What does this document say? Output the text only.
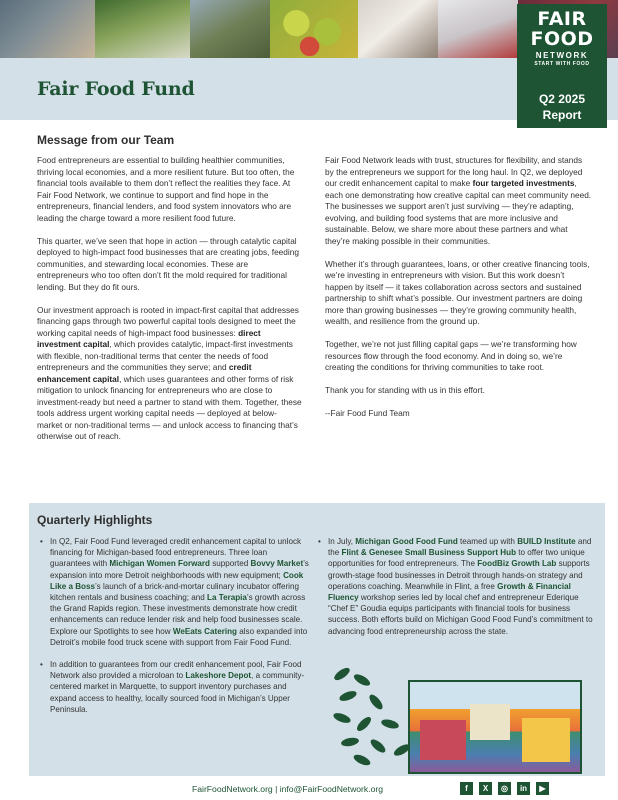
Fair Food Fund
FAIR
FOOD
NETWORK
START WITH FOOD
Q2 2025
Report
Message from our Team

Food entrepreneurs are essential to building healthier communities, thriving local economies, and a more resilient future. But too often, the financial tools available to them don’t reflect the realities they face. At Fair Food Network, we continue to support and find hope in the entrepreneurs, financial lenders, and food system innovators who are leading the charge toward a more resilient food future.

This quarter, we’ve seen that hope in action — through catalytic capital deployed to high-impact food businesses that are creating jobs, feeding communities, and stewarding local economies. These are entrepreneurs who too often don’t fit the mold required for traditional lending. But they do fit ours.

Our investment approach is rooted in impact-first capital that addresses financing gaps through two powerful capital tools designed to meet the working capital needs of high-impact food businesses: direct investment capital, which provides catalytic, impact-first investments with flexible, non-traditional terms that center the needs of food entrepreneurs and the communities they serve; and credit enhancement capital, which uses guarantees and other forms of risk mitigation to unlock financing for entrepreneurs who are close to investment-ready but need a partner to stand with them. Together, these tools address urgent working capital needs — deployed at below-market or non-traditional terms — and unlock access to financing that’s otherwise out of reach.

Fair Food Network leads with trust, structures for flexibility, and stands by the entrepreneurs we support for the long haul. In Q2, we deployed our credit enhancement capital to make four targeted investments, each one demonstrating how creative capital can meet community need. The businesses we support aren’t just surviving — they’re adapting, evolving, and building food systems that are more inclusive and sustainable. Below, we share more about these partners and what they’re making possible in their communities.

Whether it’s through guarantees, loans, or other creative financing tools, we’re investing in entrepreneurs with vision. But this work doesn’t happen by itself — it takes collaboration across sectors and sustained partnership to shift what’s possible. Our investment partners are doing more than growing businesses — they’re growing community health, wealth, and resilience from the ground up.

Together, we’re not just filling capital gaps — we’re transforming how resources flow through the food economy. And in doing so, we’re creating the conditions for thriving communities to take root.

Thank you for standing with us in this effort.

--Fair Food Fund Team

Quarterly Highlights
• In Q2, Fair Food Fund leveraged credit enhancement capital to unlock financing for Michigan-based food entrepreneurs. Three loan guarantees with Michigan Women Forward supported Bovvy Market’s expansion into more Detroit neighborhoods with new equipment; Cook Like a Boss’s launch of a brick-and-mortar culinary incubator offering kitchen rentals and business coaching; and La Terapia’s growth across the Grand Rapids region. These investments demonstrate how credit enhancements can reduce lender risk and help food businesses scale. Explore our Spotlights to see how WeEats Catering also expanded into Detroit’s mobile food truck scene with support from Fair Food Fund.
• In addition to guarantees from our credit enhancement pool, Fair Food Network also provided a microloan to Lakeshore Depot, a community-centered market in Marquette, to support inventory purchases and expand access to healthy, locally sourced food in Michigan’s Upper Peninsula.
• In July, Michigan Good Food Fund teamed up with BUILD Institute and the Flint & Genesee Small Business Support Hub to offer two unique opportunities for food entrepreneurs. The FoodBiz Growth Lab supports growth-stage food businesses in Detroit through hands-on strategy and operations coaching. Meanwhile in Flint, a free Growth & Financial Fluency workshop series led by local chef and entrepreneur Ederique “Chef E” Goudia equips participants with financial tools for business success. Both efforts build on Michigan Good Food Fund’s commitment to advancing food entrepreneurship across the state.
FairFoodNetwork.org | info@FairFoodNetwork.org	f	X	◎	in	▶
